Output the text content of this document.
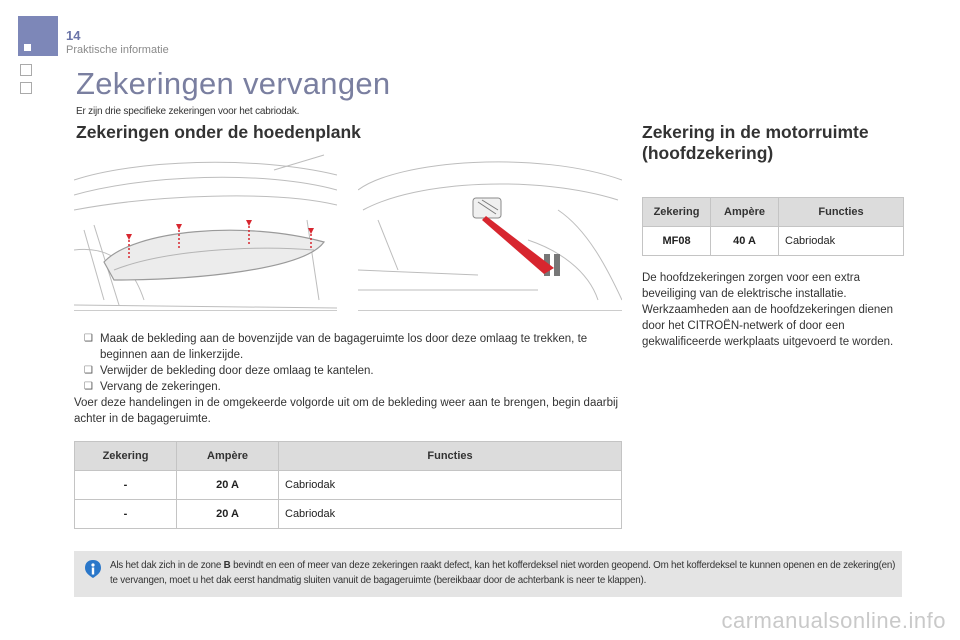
14
Praktische informatie
Zekeringen vervangen
Er zijn drie specifieke zekeringen voor het cabriodak.
Zekeringen onder de hoedenplank	Zekering in de motorruimte (hoofdzekering)
❑ Maak de bekleding aan de bovenzijde van de bagageruimte los door deze omlaag te trekken, te beginnen aan de linkerzijde.
❑ Verwijder de bekleding door deze omlaag te kantelen.
❑ Vervang de zekeringen.

Voer deze handelingen in de omgekeerde volgorde uit om de bekleding weer aan te brengen, begin daarbij achter in de bagageruimte.

Zekering	Ampère	Functies
-	20 A	Cabriodak
-	20 A	Cabriodak
Zekering	Ampère	Functies
MF08	40 A	Cabriodak
De hoofdzekeringen zorgen voor een extra beveiliging van de elektrische installatie. Werkzaamheden aan de hoofdzekeringen dienen door het CITROËN-netwerk of door een gekwalificeerde werkplaats uitgevoerd te worden.
Als het dak zich in de zone B bevindt en een of meer van deze zekeringen raakt defect, kan het kofferdeksel niet worden geopend. Om het kofferdeksel te kunnen openen en de zekering(en) te vervangen, moet u het dak eerst handmatig sluiten vanuit de bagageruimte (bereikbaar door de achterbank is neer te klappen).
carmanualsonline.info
